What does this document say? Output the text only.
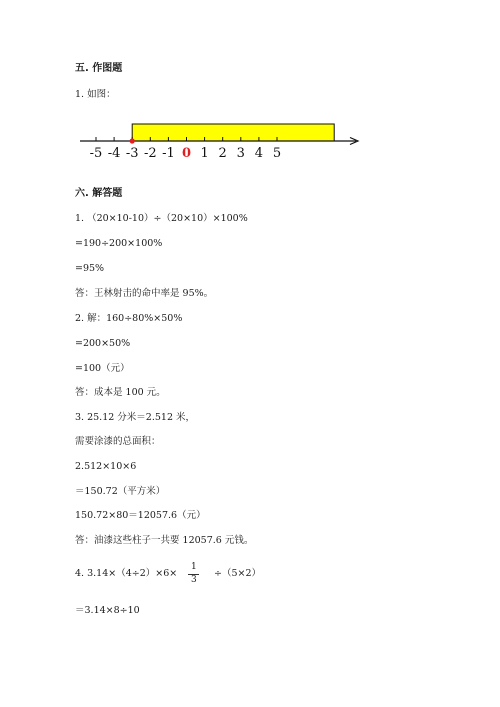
五. 作图题
1. 如图：
-5 -4 -3 -2 -1 0 1 2 3 4 5
六. 解答题
1. （20×10-10）÷（20×10）×100%
=190÷200×100%
=95%
答：王林射击的命中率是 95%。
2. 解：160÷80%×50%
=200×50%
=100（元）
答：成本是 100 元。
3. 25.12 分米＝2.512 米，
需要涂漆的总面积：
2.512×10×6
＝150.72（平方米）
150.72×80＝12057.6（元）
答：油漆这些柱子一共要 12057.6 元钱。
4. 3.14×（4÷2）×6×
1
3
÷（5×2）
＝3.14×8÷10
